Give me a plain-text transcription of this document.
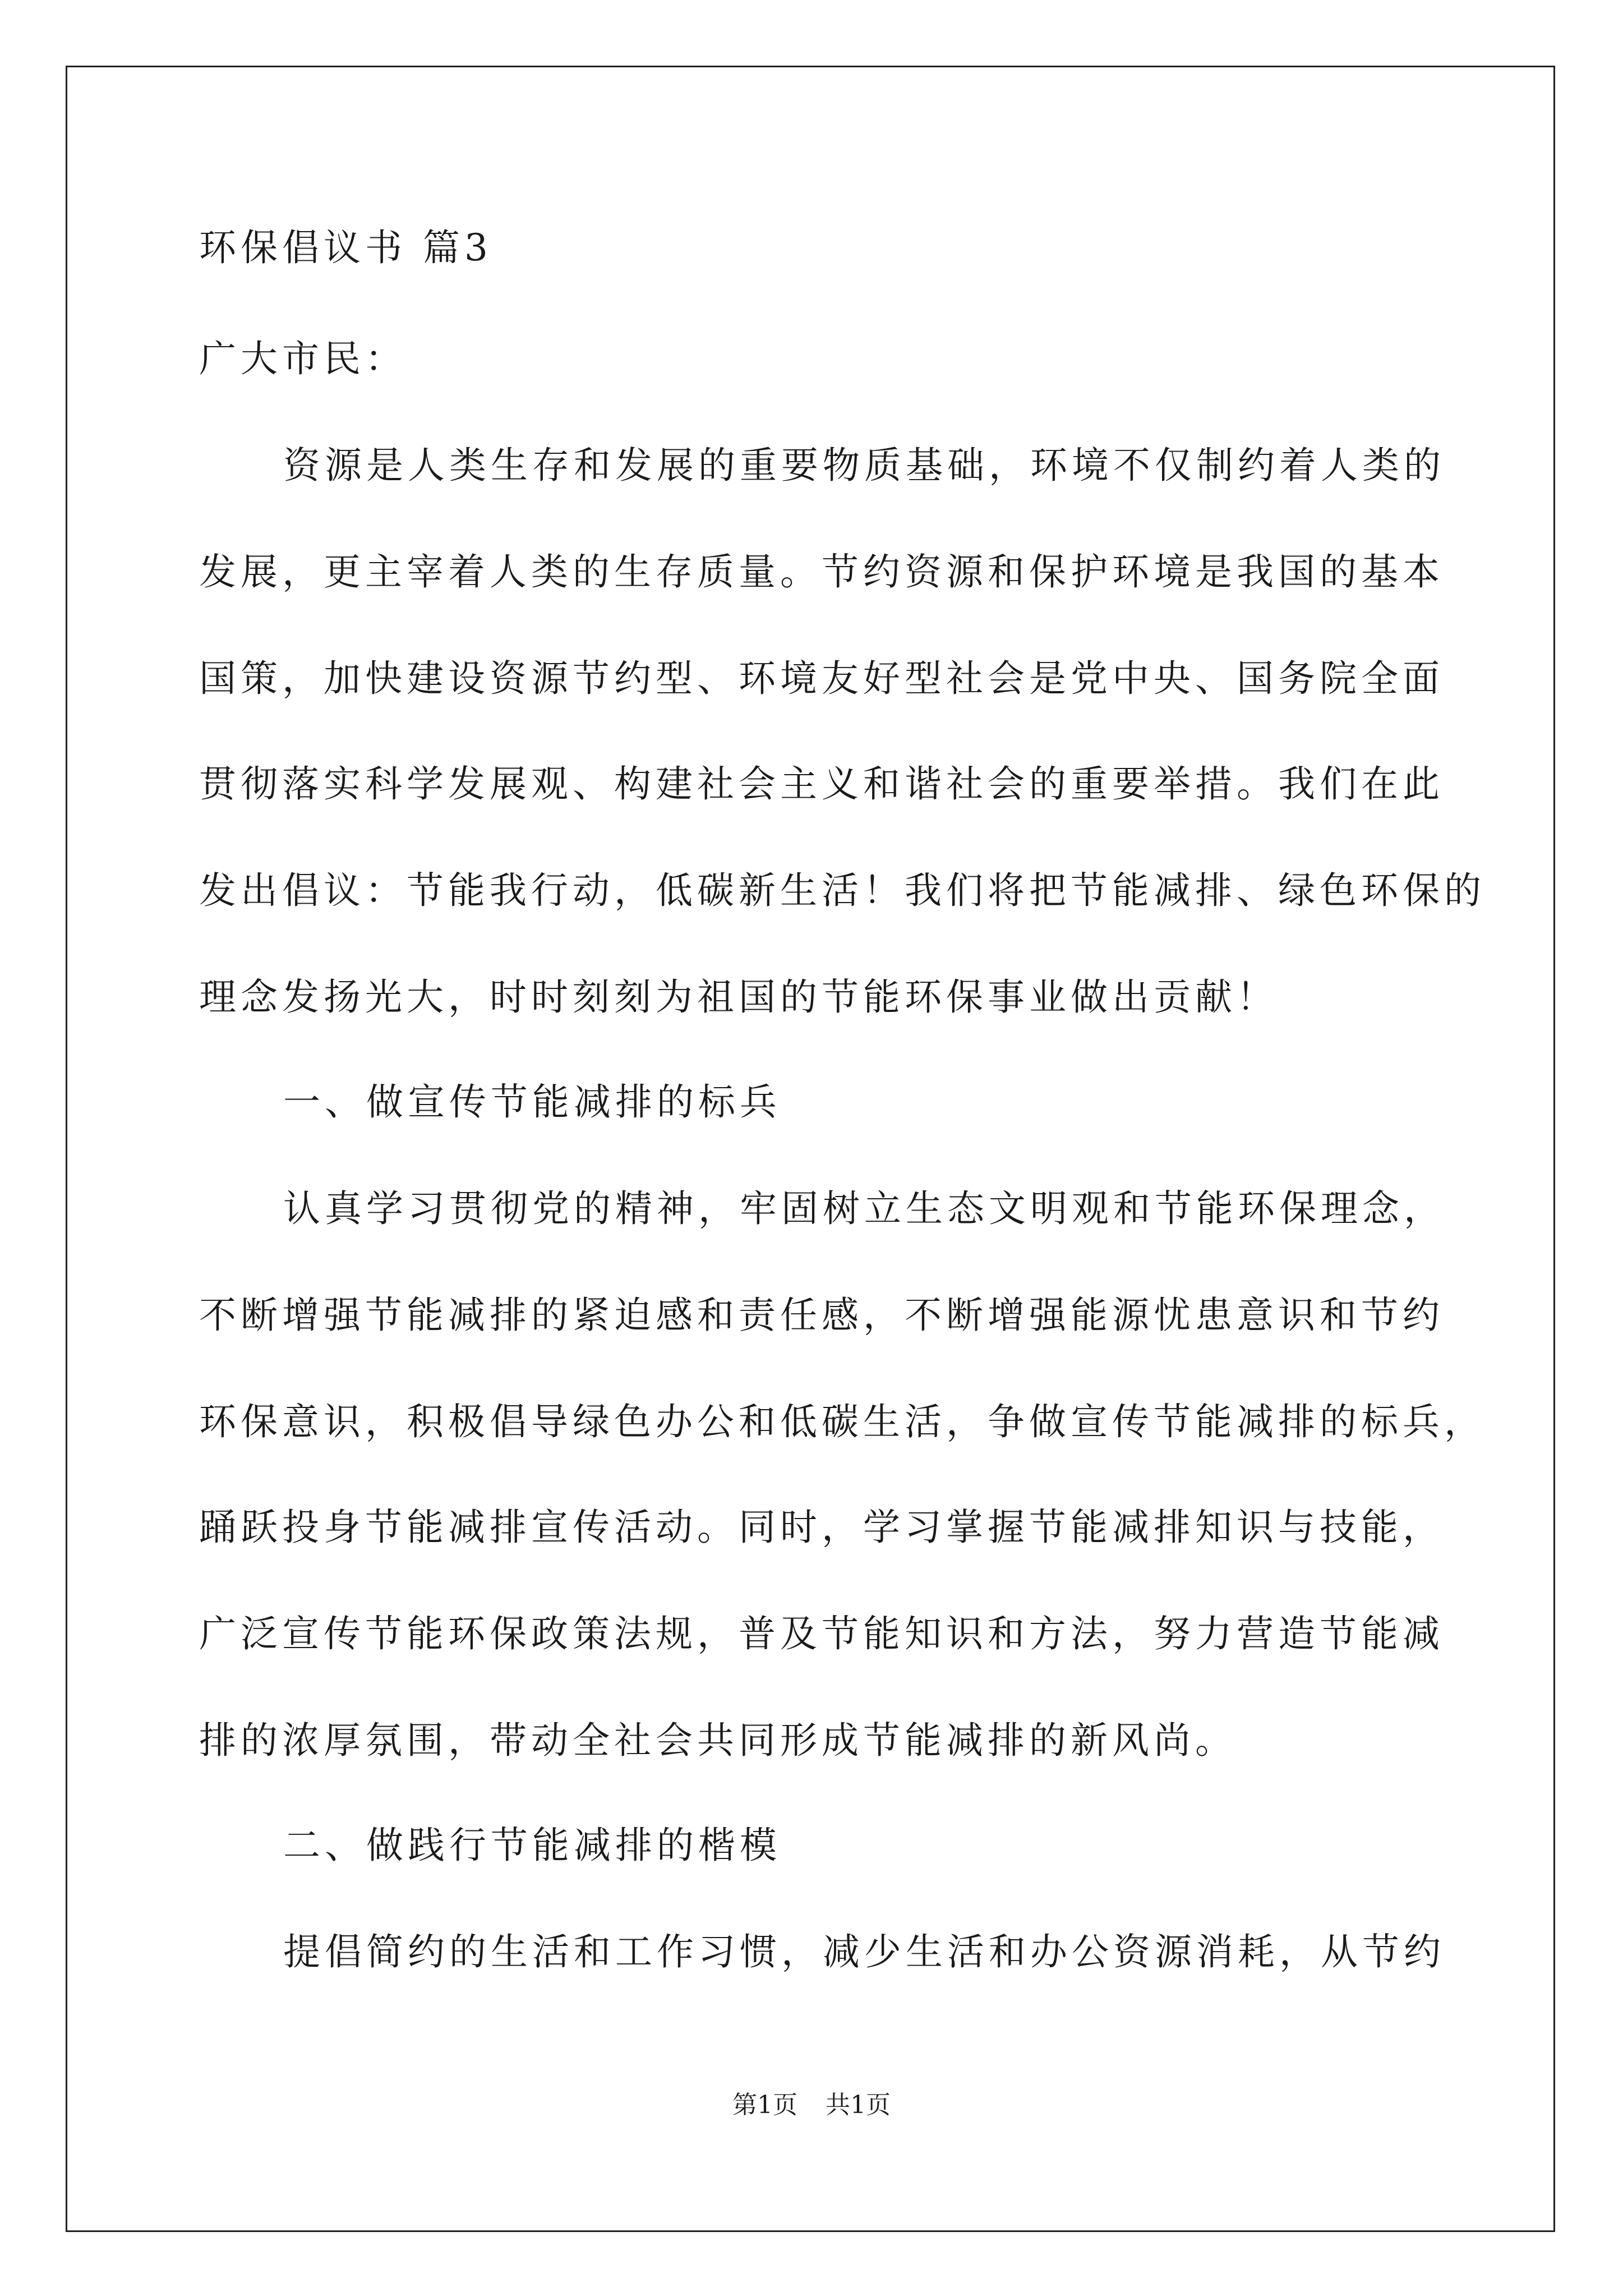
环保倡议书 篇3
广大市民：
资源是人类生存和发展的重要物质基础，环境不仅制约着人类的
发展，更主宰着人类的生存质量。节约资源和保护环境是我国的基本
国策，加快建设资源节约型、环境友好型社会是党中央、国务院全面
贯彻落实科学发展观、构建社会主义和谐社会的重要举措。我们在此
发出倡议：节能我行动，低碳新生活！我们将把节能减排、绿色环保的
理念发扬光大，时时刻刻为祖国的节能环保事业做出贡献！
一、做宣传节能减排的标兵
认真学习贯彻党的精神，牢固树立生态文明观和节能环保理念，
不断增强节能减排的紧迫感和责任感，不断增强能源忧患意识和节约
环保意识，积极倡导绿色办公和低碳生活，争做宣传节能减排的标兵，
踊跃投身节能减排宣传活动。同时，学习掌握节能减排知识与技能，
广泛宣传节能环保政策法规，普及节能知识和方法，努力营造节能减
排的浓厚氛围，带动全社会共同形成节能减排的新风尚。
二、做践行节能减排的楷模
提倡简约的生活和工作习惯，减少生活和办公资源消耗，从节约
第1页 共1页
